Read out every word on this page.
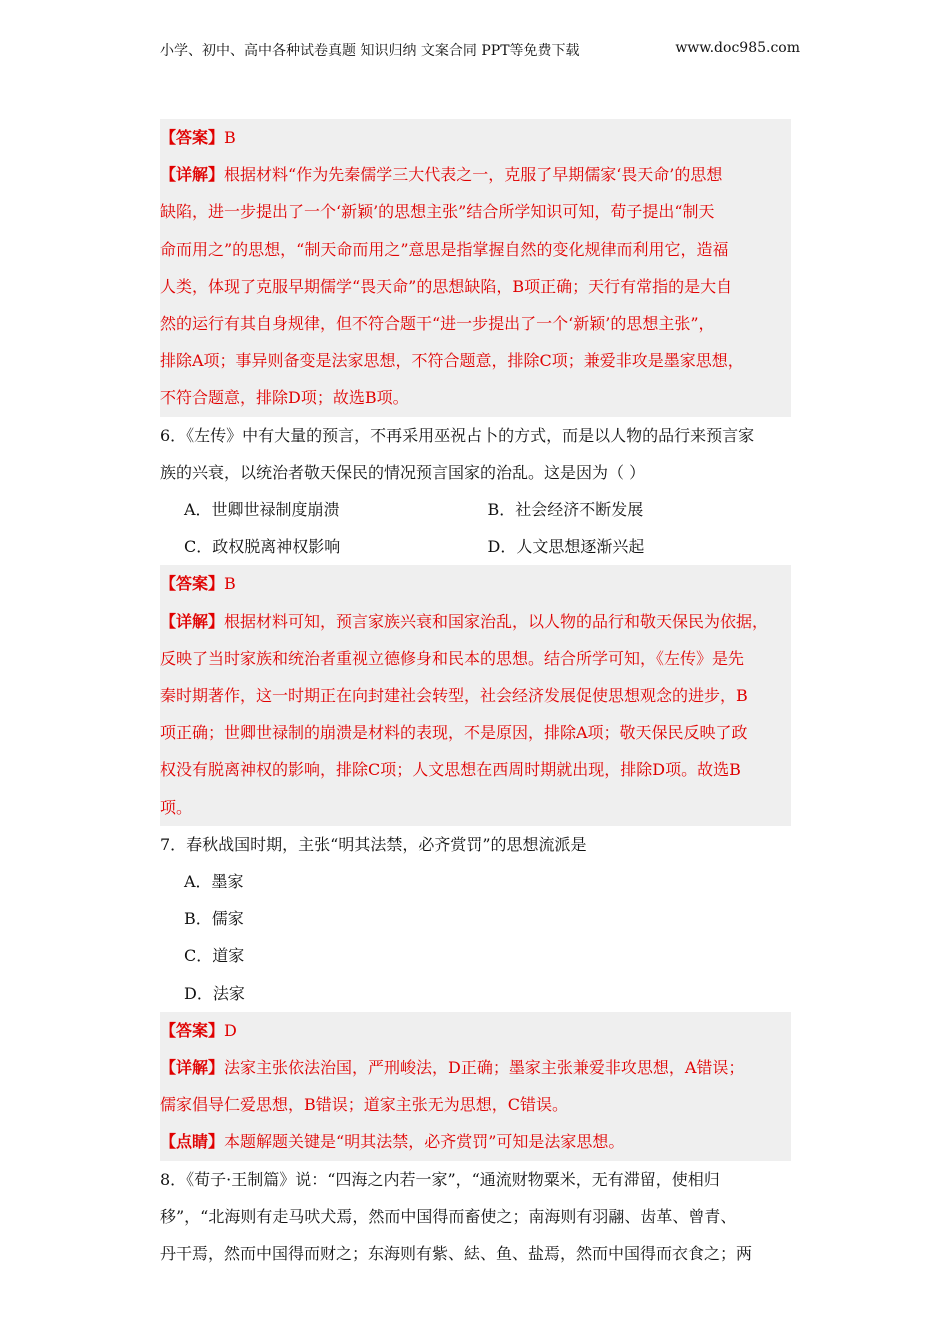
小学、初中、高中各种试卷真题 知识归纳 文案合同 PPT等免费下载	www.doc985.com

【答案】B

【详解】根据材料“作为先秦儒学三大代表之一，克服了早期儒家‘畏天命’的思想

缺陷，进一步提出了一个‘新颖’的思想主张”结合所学知识可知，荀子提出“制天

命而用之”的思想，“制天命而用之”意思是指掌握自然的变化规律而利用它，造福

人类，体现了克服早期儒学“畏天命”的思想缺陷，B项正确；天行有常指的是大自

然的运行有其自身规律，但不符合题干“进一步提出了一个‘新颖’的思想主张”，

排除A项；事异则备变是法家思想，不符合题意，排除C项；兼爱非攻是墨家思想，

不符合题意，排除D项；故选B项。

6．《左传》中有大量的预言，不再采用巫祝占卜的方式，而是以人物的品行来预言家

族的兴衰，以统治者敬天保民的情况预言国家的治乱。这是因为（ ）

A．世卿世禄制度崩溃	B．社会经济不断发展
C．政权脱离神权影响	D．人文思想逐渐兴起

【答案】B

【详解】根据材料可知，预言家族兴衰和国家治乱，以人物的品行和敬天保民为依据，

反映了当时家族和统治者重视立德修身和民本的思想。结合所学可知，《左传》是先

秦时期著作，这一时期正在向封建社会转型，社会经济发展促使思想观念的进步，B

项正确；世卿世禄制的崩溃是材料的表现，不是原因，排除A项；敬天保民反映了政

权没有脱离神权的影响，排除C项；人文思想在西周时期就出现，排除D项。故选B

项。

7．春秋战国时期，主张“明其法禁，必齐赏罚”的思想流派是

A．墨家
B．儒家
C．道家
D．法家

【答案】D

【详解】法家主张依法治国，严刑峻法，D正确；墨家主张兼爱非攻思想，A错误；

儒家倡导仁爱思想，B错误；道家主张无为思想，C错误。

【点睛】本题解题关键是“明其法禁，必齐赏罚”可知是法家思想。

8．《荀子·王制篇》说：“四海之内若一家”，“通流财物粟米，无有滞留，使相归

移”，“北海则有走马吠犬焉，然而中国得而畜使之；南海则有羽翮、齿革、曾青、

丹干焉，然而中国得而财之；东海则有紫、紶、鱼、盐焉，然而中国得而衣食之；两
